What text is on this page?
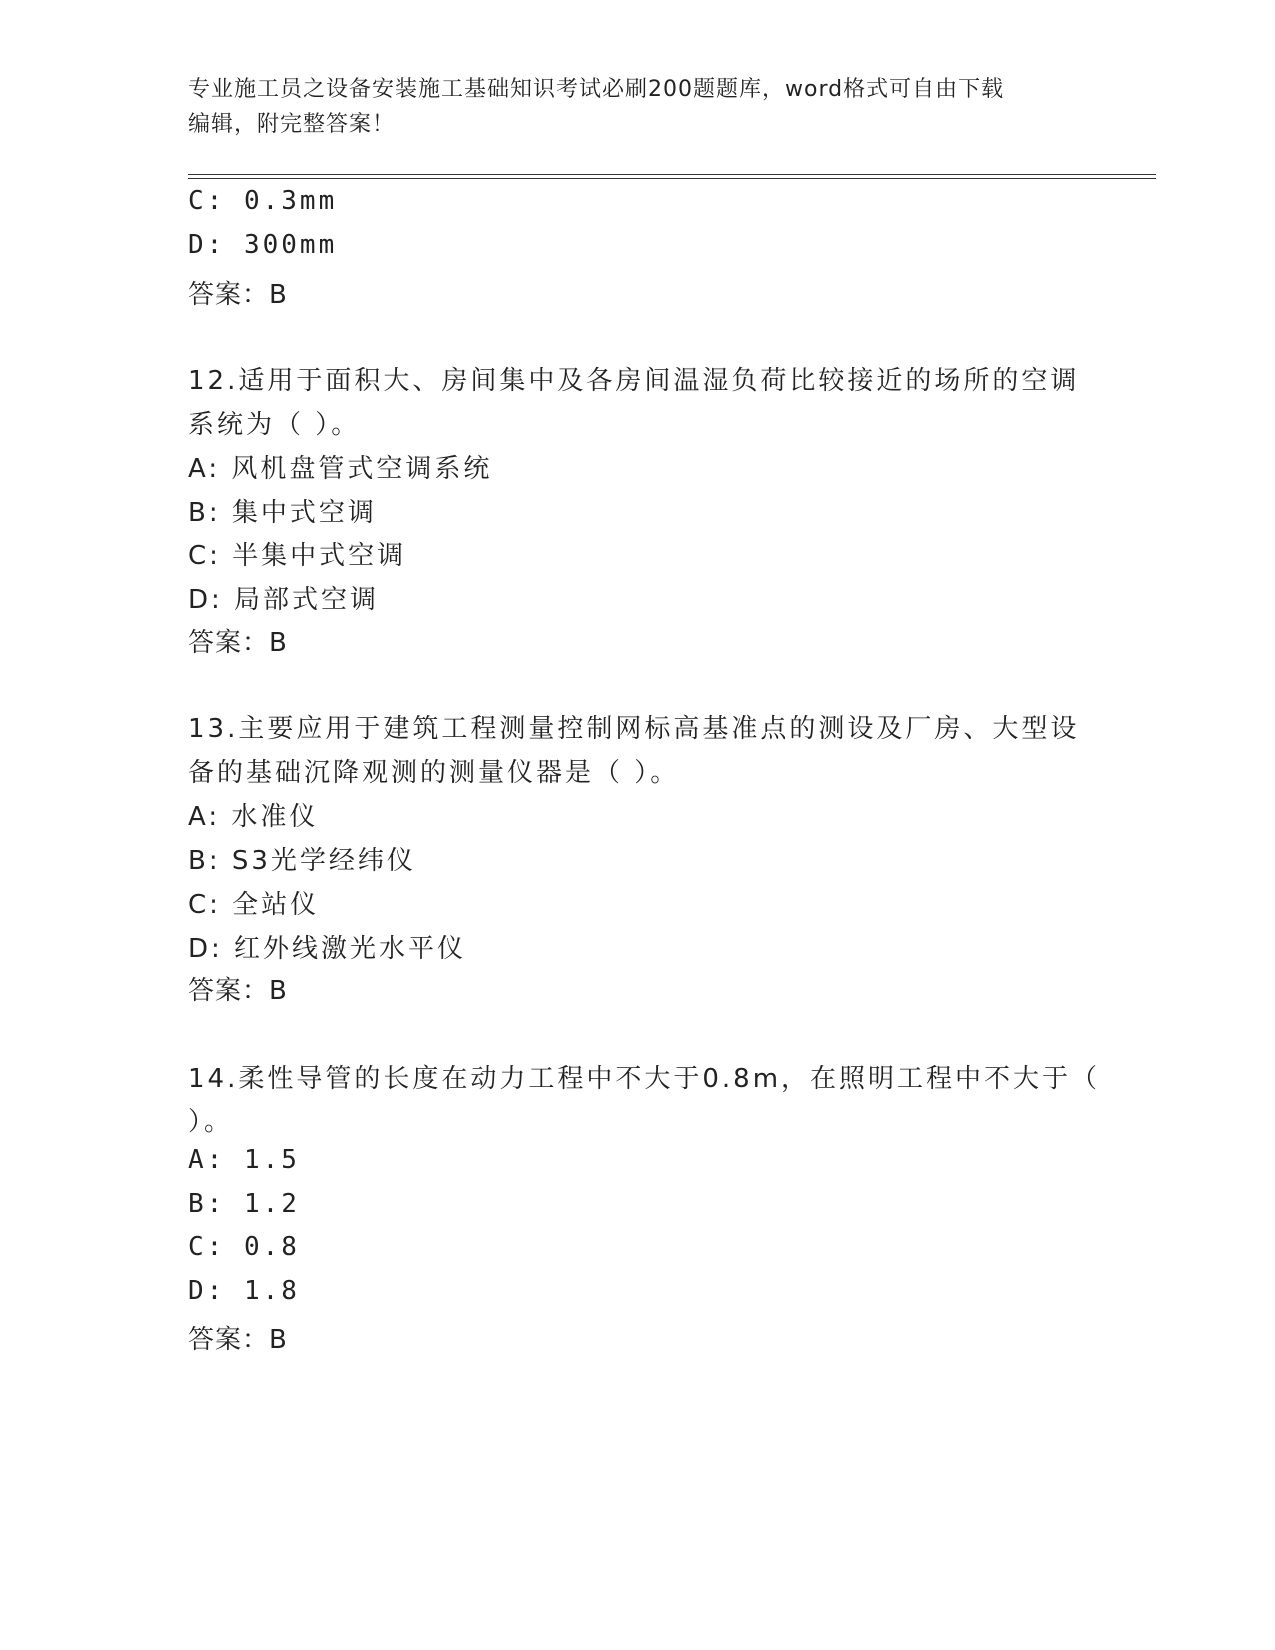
专业施工员之设备安装施工基础知识考试必刷200题题库，word格式可自由下载
编辑，附完整答案！
C: 0.3mm
D: 300mm
答案：B
12.适用于面积大、房间集中及各房间温湿负荷比较接近的场所的空调
系统为（ ）。
A: 风机盘管式空调系统
B: 集中式空调
C: 半集中式空调
D: 局部式空调
答案：B
13.主要应用于建筑工程测量控制网标高基准点的测设及厂房、大型设
备的基础沉降观测的测量仪器是（ ）。
A: 水准仪
B: S3光学经纬仪
C: 全站仪
D: 红外线激光水平仪
答案：B
14.柔性导管的长度在动力工程中不大于0.8m，在照明工程中不大于（
）。
A: 1.5
B: 1.2
C: 0.8
D: 1.8
答案：B
